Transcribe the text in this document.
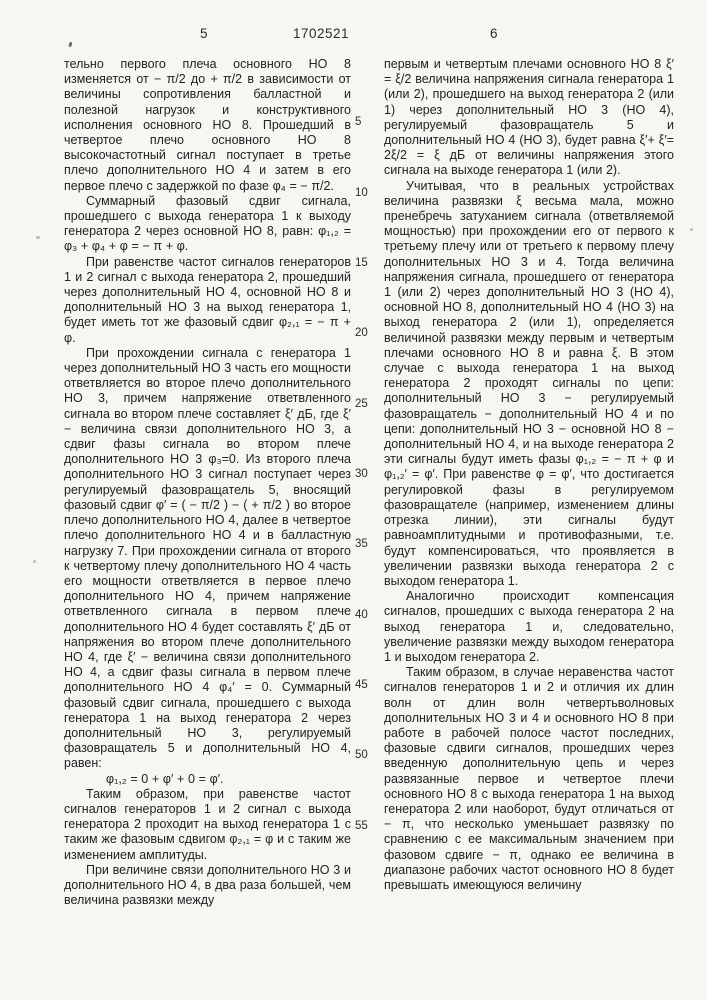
5	1702521	6

тельно первого плеча основного НО 8 изменяется от − π/2 до + π/2 в зависимости от величины сопротивления балластной и полезной нагрузок и конструктивного исполнения основного НО 8. Прошедший в четвертое плечо основного НО 8 высокочастотный сигнал поступает в третье плечо дополнительного НО 4 и затем в его первое плечо с задержкой по фазе φ₄ = − π/2.

Суммарный фазовый сдвиг сигнала, прошедшего с выхода генератора 1 к выходу генератора 2 через основной НО 8, равн: φ₁,₂ = φ₃ + φ₄ + φ = − π + φ.

При равенстве частот сигналов генераторов 1 и 2 сигнал с выхода генератора 2, прошедший через дополнительный НО 4, основной НО 8 и дополнительный НО 3 на выход генератора 1, будет иметь тот же фазовый сдвиг φ₂,₁ = − π + φ.

При прохождении сигнала с генератора 1 через дополнительный НО 3 часть его мощности ответвляется во второе плечо дополнительного НО 3, причем напряжение ответвленного сигнала во втором плече составляет ξ′ дБ, где ξ′ − величина связи дополнительного НО 3, а сдвиг фазы сигнала во втором плече дополнительного НО 3 φ₃=0. Из второго плеча дополнительного НО 3 сигнал поступает через регулируемый фазовращатель 5, вносящий фазовый сдвиг φ′ = ( − π/2 ) − ( + π/2 ) во второе плечо дополнительного НО 4, далее в четвертое плечо дополнительного НО 4 и в балластную нагрузку 7. При прохождении сигнала от второго к четвертому плечу дополнительного НО 4 часть его мощности ответвляется в первое плечо дополнительного НО 4, причем напряжение ответвленного сигнала в первом плече дополнительного НО 4 будет составлять ξ′ дБ от напряжения во втором плече дополнительного НО 4, где ξ′ − величина связи дополнительного НО 4, а сдвиг фазы сигнала в первом плече дополнительного НО 4 φ₄′ = 0. Суммарный фазовый сдвиг сигнала, прошедшего с выхода генератора 1 на выход генератора 2 через дополнительный НО 3, регулируемый фазовращатель 5 и дополнительный НО 4, равен:

φ₁,₂ = 0 + φ′ + 0 = φ′.

Таким образом, при равенстве частот сигналов генераторов 1 и 2 сигнал с выхода генератора 2 проходит на выход генератора 1 с таким же фазовым сдвигом φ₂,₁ = φ и с таким же изменением амплитуды.

При величине связи дополнительного НО 3 и дополнительного НО 4, в два раза большей, чем величина развязки между

5
10
15
20
25
30
35
40
45
50
55

первым и четвертым плечами основного НО 8 ξ′ = ξ/2 величина напряжения сигнала генератора 1 (или 2), прошедшего на выход генератора 2 (или 1) через дополнительный НО 3 (НО 4), регулируемый фазовращатель 5 и дополнительный НО 4 (НО 3), будет равна ξ′+ ξ′= 2ξ/2 = ξ дБ от величины напряжения этого сигнала на выходе генератора 1 (или 2).

Учитывая, что в реальных устройствах величина развязки ξ весьма мала, можно пренебречь затуханием сигнала (ответвляемой мощностью) при прохождении его от первого к третьему плечу или от третьего к первому плечу дополнительных НО 3 и 4. Тогда величина напряжения сигнала, прошедшего от генератора 1 (или 2) через дополнительный НО 3 (НО 4), основной НО 8, дополнительный НО 4 (НО 3) на выход генератора 2 (или 1), определяется величиной развязки между первым и четвертым плечами основного НО 8 и равна ξ. В этом случае с выхода генератора 1 на выход генератора 2 проходят сигналы по цепи: дополнительный НО 3 − регулируемый фазовращатель − дополнительный НО 4 и по цепи: дополнительный НО 3 − основной НО 8 − дополнительный НО 4, и на выходе генератора 2 эти сигналы будут иметь фазы φ₁,₂ = − π + φ и φ₁,₂′ = φ′. При равенстве φ = φ′, что достигается регулировкой фазы в регулируемом фазовращателе (например, изменением длины отрезка линии), эти сигналы будут равноамплитудными и противофазными, т.е. будут компенсироваться, что проявляется в увеличении развязки выхода генератора 2 с выходом генератора 1.

Аналогично происходит компенсация сигналов, прошедших с выхода генератора 2 на выход генератора 1 и, следовательно, увеличение развязки между выходом генератора 1 и выходом генератора 2.

Таким образом, в случае неравенства частот сигналов генераторов 1 и 2 и отличия их длин волн от длин волн четвертьволновых дополнительных НО 3 и 4 и основного НО 8 при работе в рабочей полосе частот последних, фазовые сдвиги сигналов, прошедших через введенную дополнительную цепь и через развязанные первое и четвертое плечи основного НО 8 с выхода генератора 1 на выход генератора 2 или наоборот, будут отличаться от − π, что несколько уменьшает развязку по сравнению с ее максимальным значением при фазовом сдвиге − π, однако ее величина в диапазоне рабочих частот основного НО 8 будет превышать имеющуюся величину
